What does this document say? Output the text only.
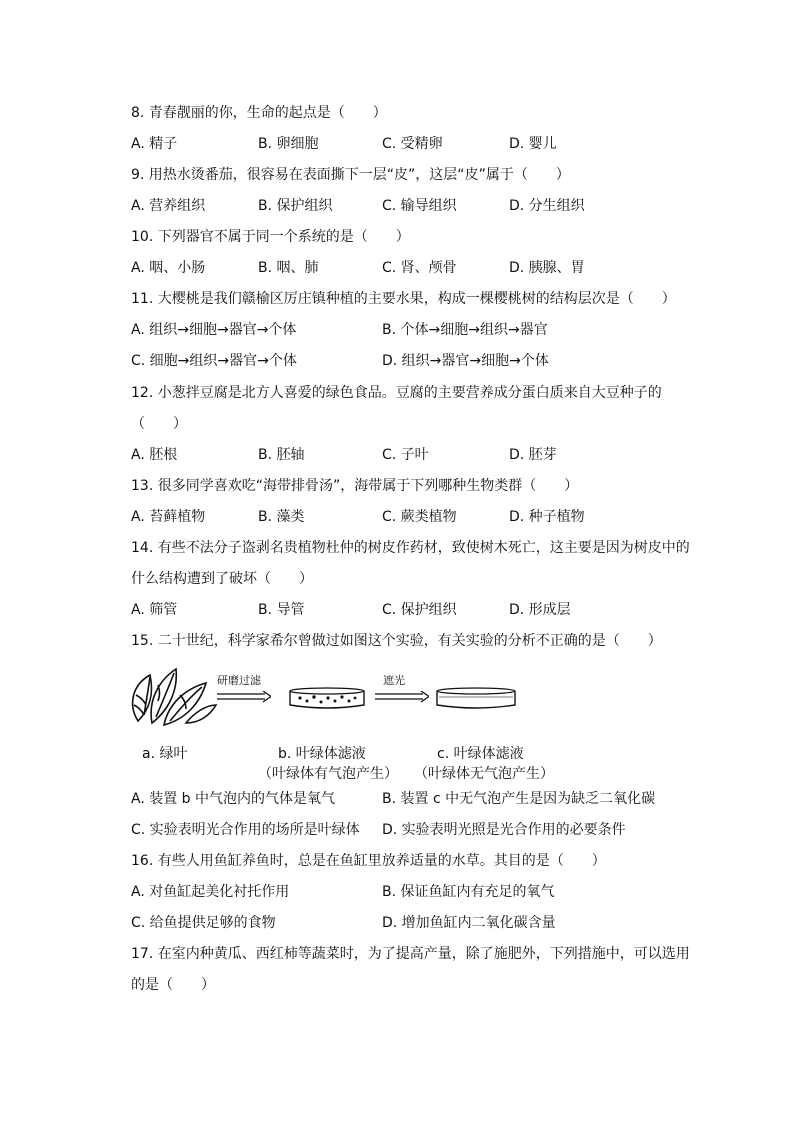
8. 青春靓丽的你，生命的起点是（　　）
A. 精子	B. 卵细胞	C. 受精卵	D. 婴儿
9. 用热水烫番茄，很容易在表面撕下一层“皮”，这层“皮”属于（　　）
A. 营养组织	B. 保护组织	C. 输导组织	D. 分生组织
10. 下列器官不属于同一个系统的是（　　）
A. 咽、小肠	B. 咽、肺	C. 肾、颅骨	D. 胰腺、胃
11. 大樱桃是我们赣榆区厉庄镇种植的主要水果，构成一棵樱桃树的结构层次是（　　）
A. 组织→细胞→器官→个体	B. 个体→细胞→组织→器官
C. 细胞→组织→器官→个体	D. 组织→器官→细胞→个体
12. 小葱拌豆腐是北方人喜爱的绿色食品。豆腐的主要营养成分蛋白质来自大豆种子的
（　　）
A. 胚根	B. 胚轴	C. 子叶	D. 胚芽
13. 很多同学喜欢吃“海带排骨汤”，海带属于下列哪种生物类群（　　）
A. 苔藓植物	B. 藻类	C. 蕨类植物	D. 种子植物
14. 有些不法分子盗剥名贵植物杜仲的树皮作药材，致使树木死亡，这主要是因为树皮中的
什么结构遭到了破坏（　　）
A. 筛管	B. 导管	C. 保护组织	D. 形成层
15. 二十世纪，科学家希尔曾做过如图这个实验，有关实验的分析不正确的是（　　）
研磨过滤	遮光
a. 绿叶	b. 叶绿体滤液	c. 叶绿体滤液
（叶绿体有气泡产生） （叶绿体无气泡产生）
A. 装置 b 中气泡内的气体是氧气	B. 装置 c 中无气泡产生是因为缺乏二氧化碳
C. 实验表明光合作用的场所是叶绿体 D. 实验表明光照是光合作用的必要条件
16. 有些人用鱼缸养鱼时，总是在鱼缸里放养适量的水草。其目的是（　　）
A. 对鱼缸起美化衬托作用	B. 保证鱼缸内有充足的氧气
C. 给鱼提供足够的食物	D. 增加鱼缸内二氧化碳含量
17. 在室内种黄瓜、西红柿等蔬菜时，为了提高产量，除了施肥外，下列措施中，可以选用
的是（　　）
